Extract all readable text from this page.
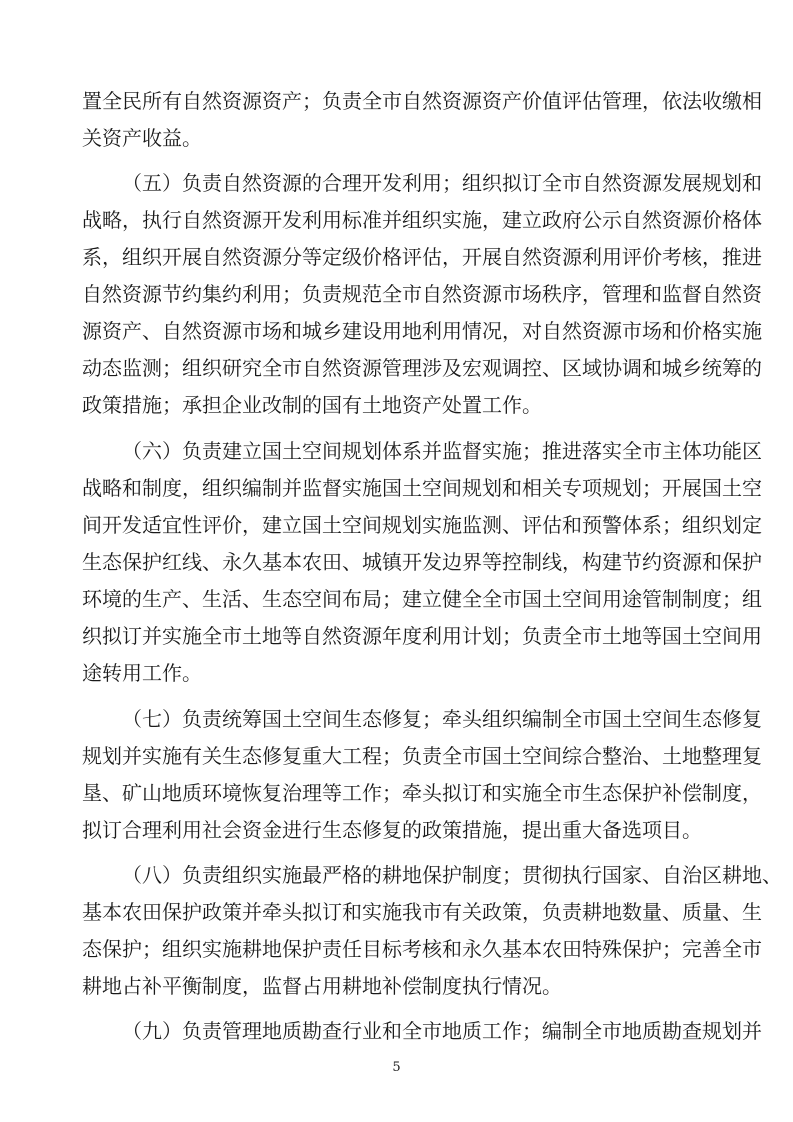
置全民所有自然资源资产；负责全市自然资源资产价值评估管理，依法收缴相
关资产收益。
（五）负责自然资源的合理开发利用；组织拟订全市自然资源发展规划和
战略，执行自然资源开发利用标准并组织实施，建立政府公示自然资源价格体
系，组织开展自然资源分等定级价格评估，开展自然资源利用评价考核，推进
自然资源节约集约利用；负责规范全市自然资源市场秩序，管理和监督自然资
源资产、自然资源市场和城乡建设用地利用情况，对自然资源市场和价格实施
动态监测；组织研究全市自然资源管理涉及宏观调控、区域协调和城乡统筹的
政策措施；承担企业改制的国有土地资产处置工作。
（六）负责建立国土空间规划体系并监督实施；推进落实全市主体功能区
战略和制度，组织编制并监督实施国土空间规划和相关专项规划；开展国土空
间开发适宜性评价，建立国土空间规划实施监测、评估和预警体系；组织划定
生态保护红线、永久基本农田、城镇开发边界等控制线，构建节约资源和保护
环境的生产、生活、生态空间布局；建立健全全市国土空间用途管制制度；组
织拟订并实施全市土地等自然资源年度利用计划；负责全市土地等国土空间用
途转用工作。
（七）负责统筹国土空间生态修复；牵头组织编制全市国土空间生态修复
规划并实施有关生态修复重大工程；负责全市国土空间综合整治、土地整理复
垦、矿山地质环境恢复治理等工作；牵头拟订和实施全市生态保护补偿制度，
拟订合理利用社会资金进行生态修复的政策措施，提出重大备选项目。
（八）负责组织实施最严格的耕地保护制度；贯彻执行国家、自治区耕地、
基本农田保护政策并牵头拟订和实施我市有关政策，负责耕地数量、质量、生
态保护；组织实施耕地保护责任目标考核和永久基本农田特殊保护；完善全市
耕地占补平衡制度，监督占用耕地补偿制度执行情况。
（九）负责管理地质勘查行业和全市地质工作；编制全市地质勘查规划并
5
